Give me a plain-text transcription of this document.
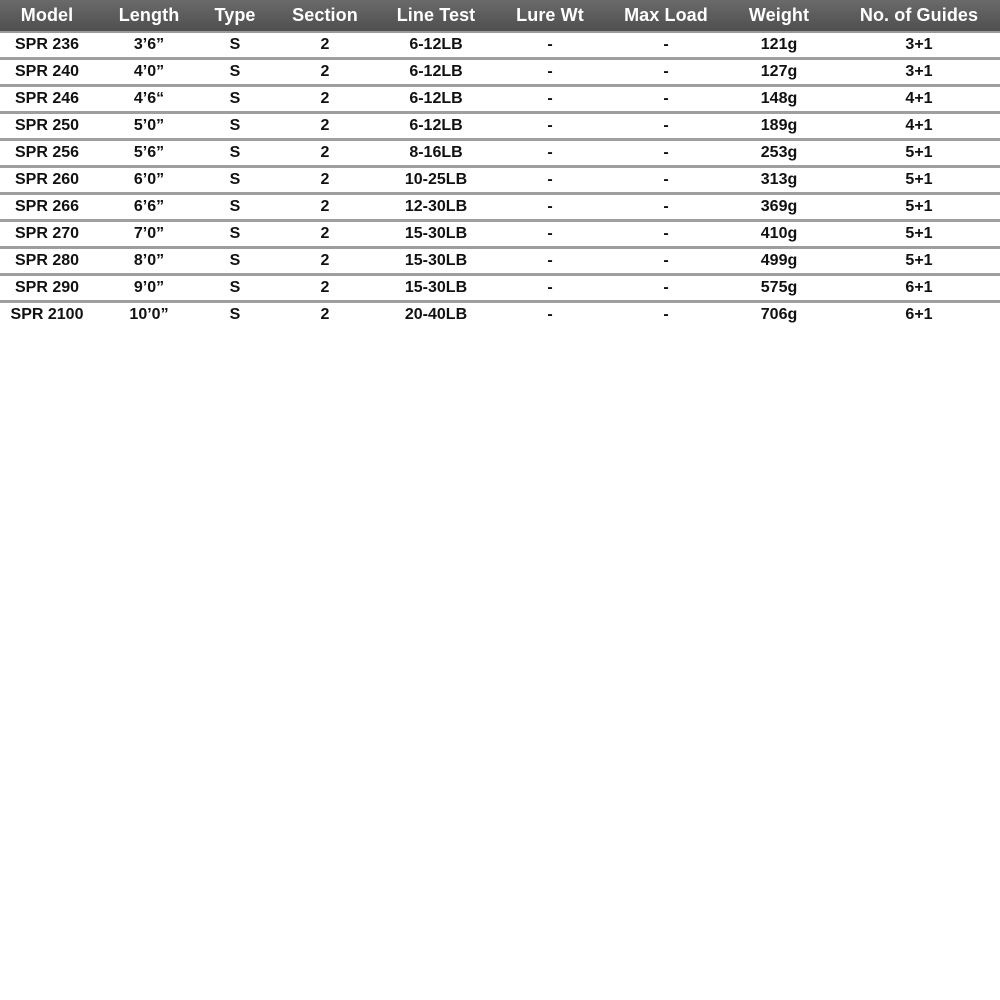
Model	Length	Type	Section	Line Test	Lure Wt	Max Load	Weight	No. of Guides
SPR 236	3’6”	S	2	6-12LB	-	-	121g	3+1
SPR 240	4’0”	S	2	6-12LB	-	-	127g	3+1
SPR 246	4’6“	S	2	6-12LB	-	-	148g	4+1
SPR 250	5’0”	S	2	6-12LB	-	-	189g	4+1
SPR 256	5’6”	S	2	8-16LB	-	-	253g	5+1
SPR 260	6’0”	S	2	10-25LB	-	-	313g	5+1
SPR 266	6’6”	S	2	12-30LB	-	-	369g	5+1
SPR 270	7’0”	S	2	15-30LB	-	-	410g	5+1
SPR 280	8’0”	S	2	15-30LB	-	-	499g	5+1
SPR 290	9’0”	S	2	15-30LB	-	-	575g	6+1
SPR 2100	10’0”	S	2	20-40LB	-	-	706g	6+1
